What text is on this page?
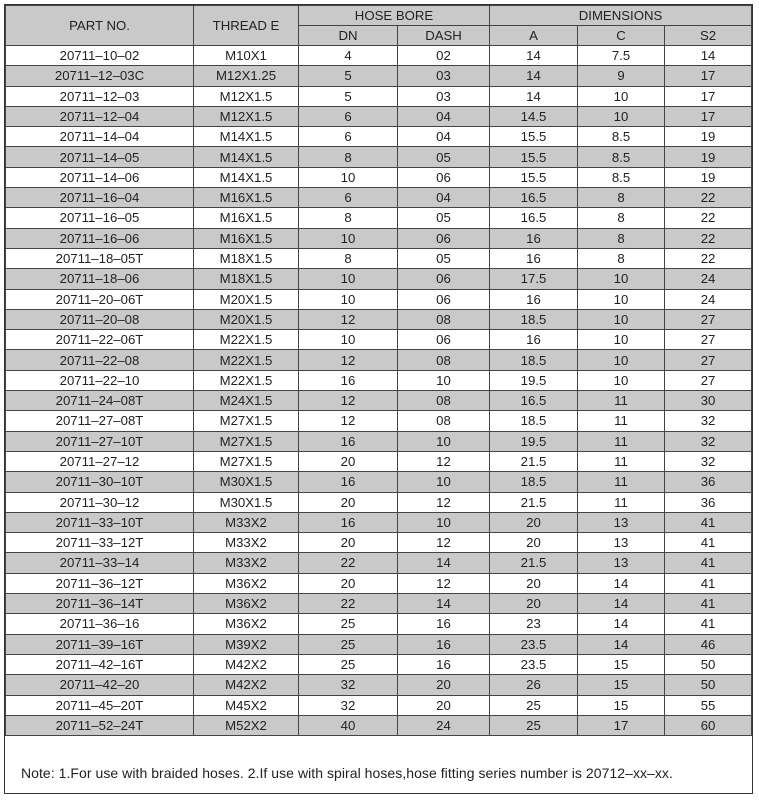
PART NO.	THREAD E	HOSE BORE		DIMENSIONS		
		DN	DASH	A	C	S2
20711–10–02	M10X1	4	02	14	7.5	14
20711–12–03C	M12X1.25	5	03	14	9	17
20711–12–03	M12X1.5	5	03	14	10	17
20711–12–04	M12X1.5	6	04	14.5	10	17
20711–14–04	M14X1.5	6	04	15.5	8.5	19
20711–14–05	M14X1.5	8	05	15.5	8.5	19
20711–14–06	M14X1.5	10	06	15.5	8.5	19
20711–16–04	M16X1.5	6	04	16.5	8	22
20711–16–05	M16X1.5	8	05	16.5	8	22
20711–16–06	M16X1.5	10	06	16	8	22
20711–18–05T	M18X1.5	8	05	16	8	22
20711–18–06	M18X1.5	10	06	17.5	10	24
20711–20–06T	M20X1.5	10	06	16	10	24
20711–20–08	M20X1.5	12	08	18.5	10	27
20711–22–06T	M22X1.5	10	06	16	10	27
20711–22–08	M22X1.5	12	08	18.5	10	27
20711–22–10	M22X1.5	16	10	19.5	10	27
20711–24–08T	M24X1.5	12	08	16.5	11	30
20711–27–08T	M27X1.5	12	08	18.5	11	32
20711–27–10T	M27X1.5	16	10	19.5	11	32
20711–27–12	M27X1.5	20	12	21.5	11	32
20711–30–10T	M30X1.5	16	10	18.5	11	36
20711–30–12	M30X1.5	20	12	21.5	11	36
20711–33–10T	M33X2	16	10	20	13	41
20711–33–12T	M33X2	20	12	20	13	41
20711–33–14	M33X2	22	14	21.5	13	41
20711–36–12T	M36X2	20	12	20	14	41
20711–36–14T	M36X2	22	14	20	14	41
20711–36–16	M36X2	25	16	23	14	41
20711–39–16T	M39X2	25	16	23.5	14	46
20711–42–16T	M42X2	25	16	23.5	15	50
20711–42–20	M42X2	32	20	26	15	50
20711–45–20T	M45X2	32	20	25	15	55
20711–52–24T	M52X2	40	24	25	17	60
Note: 1.For use with braided hoses. 2.If use with spiral hoses,hose fitting series number is 20712–xx–xx.
